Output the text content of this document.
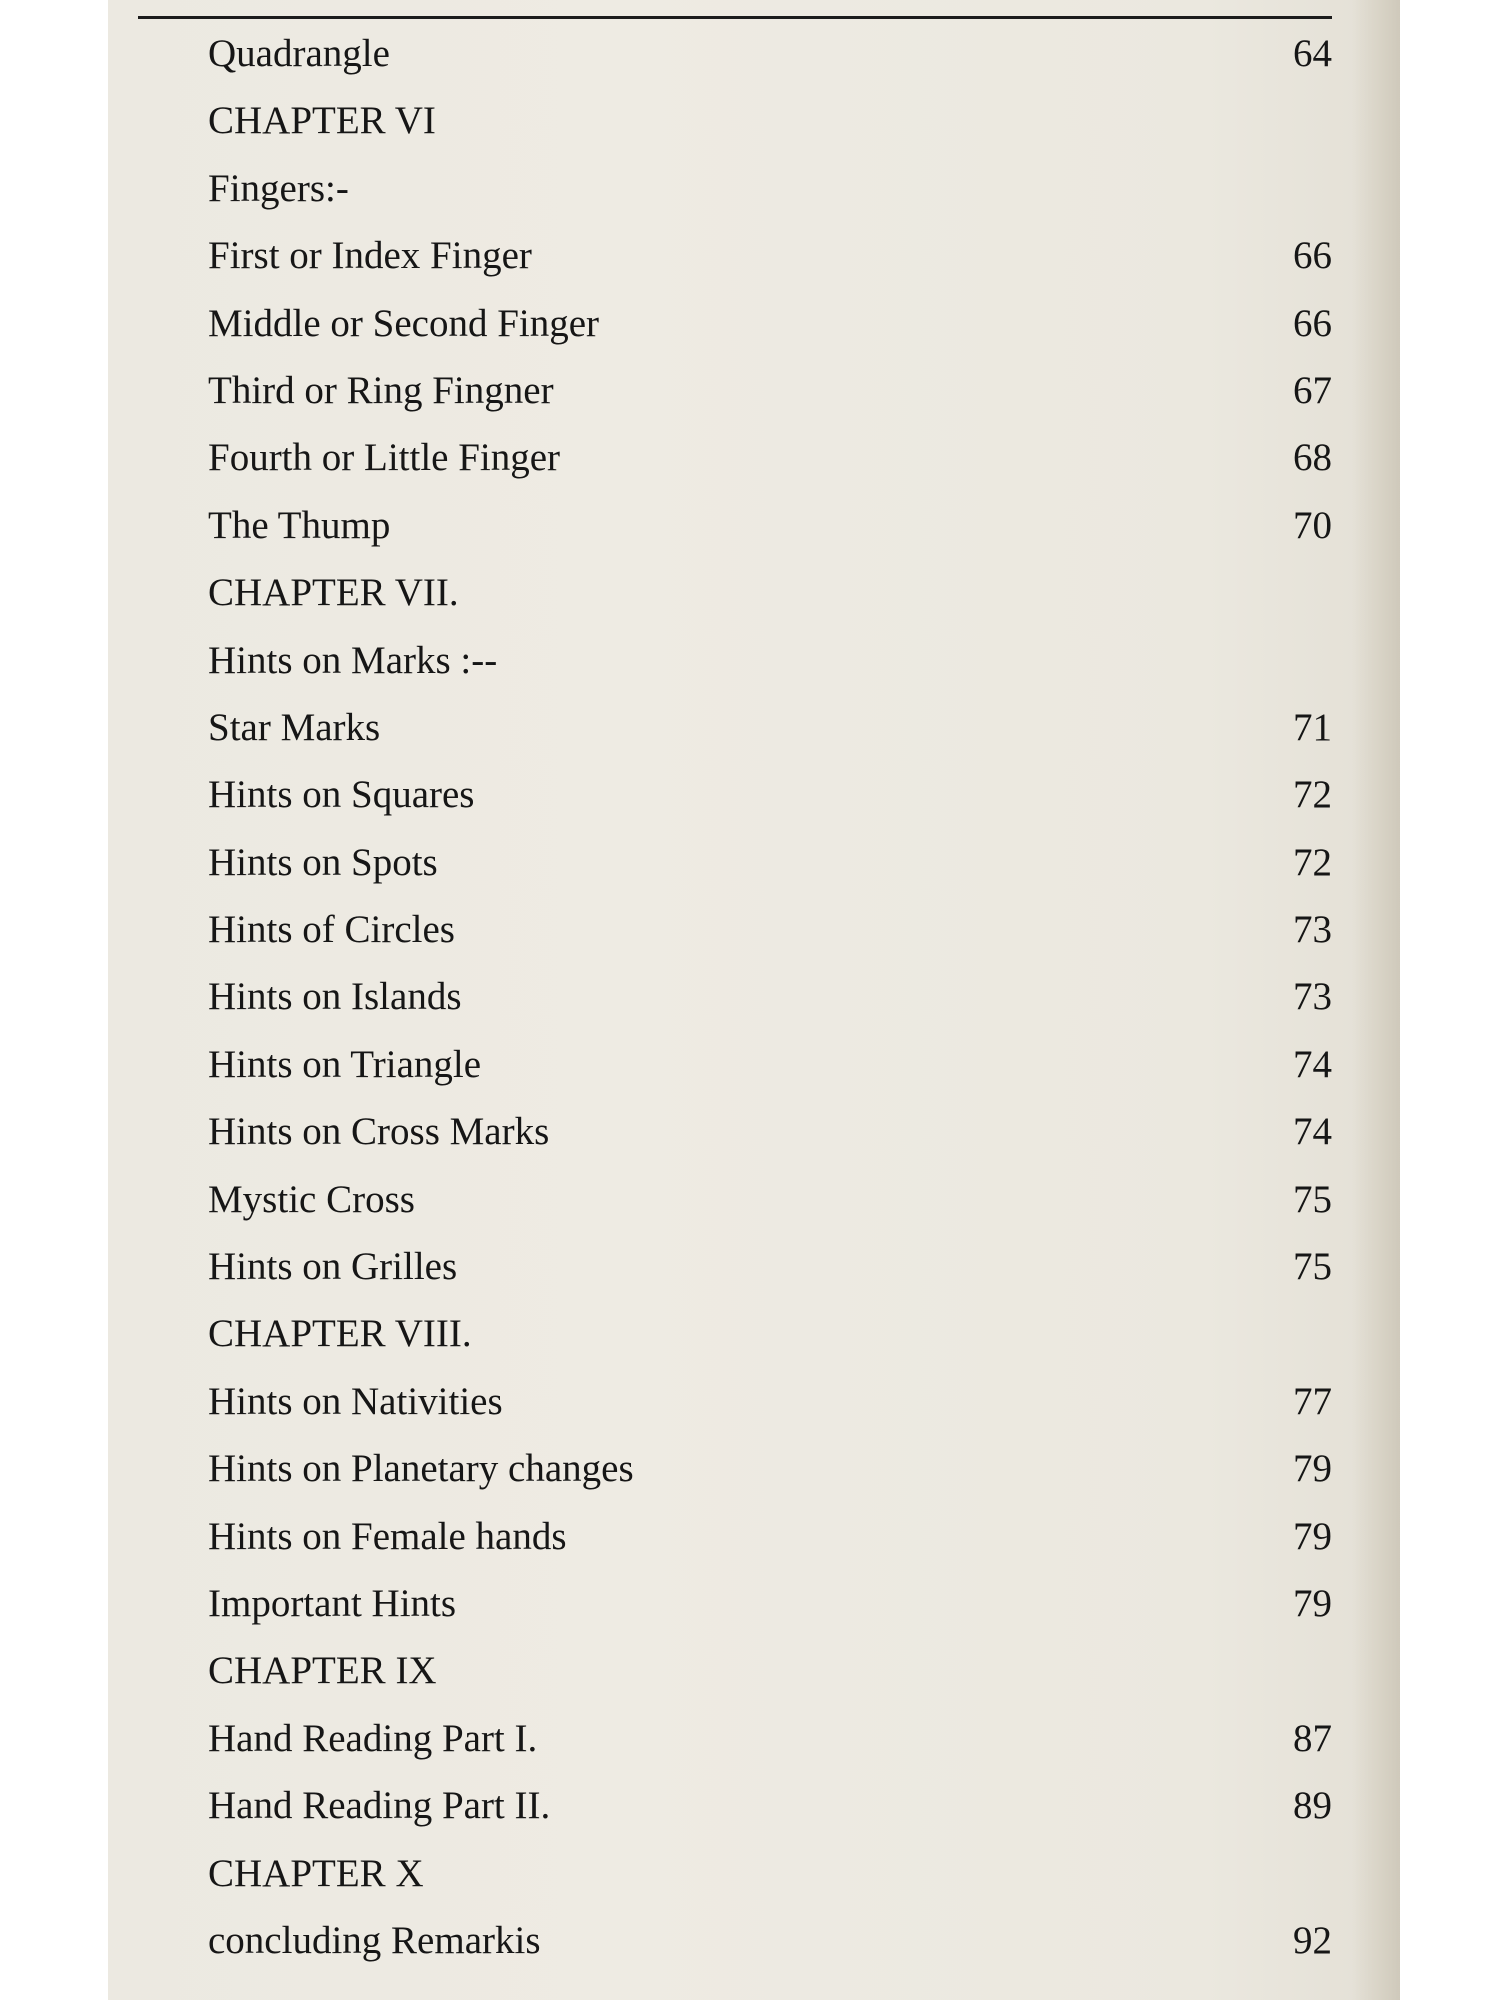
Quadrangle	64
CHAPTER VI
Fingers:-
First or Index Finger	66
Middle or Second Finger	66
Third or Ring Fingner	67
Fourth or Little Finger	68
The Thump	70
CHAPTER VII.
Hints on Marks :--
Star Marks	71
Hints on Squares	72
Hints on Spots	72
Hints of Circles	73
Hints on Islands	73
Hints on Triangle	74
Hints on Cross Marks	74
Mystic Cross	75
Hints on Grilles	75
CHAPTER VIII.
Hints on Nativities	77
Hints on Planetary changes	79
Hints on Female hands	79
Important Hints	79
CHAPTER IX
Hand Reading Part I.	87
Hand Reading Part II.	89
CHAPTER X
concluding Remarkis	92
